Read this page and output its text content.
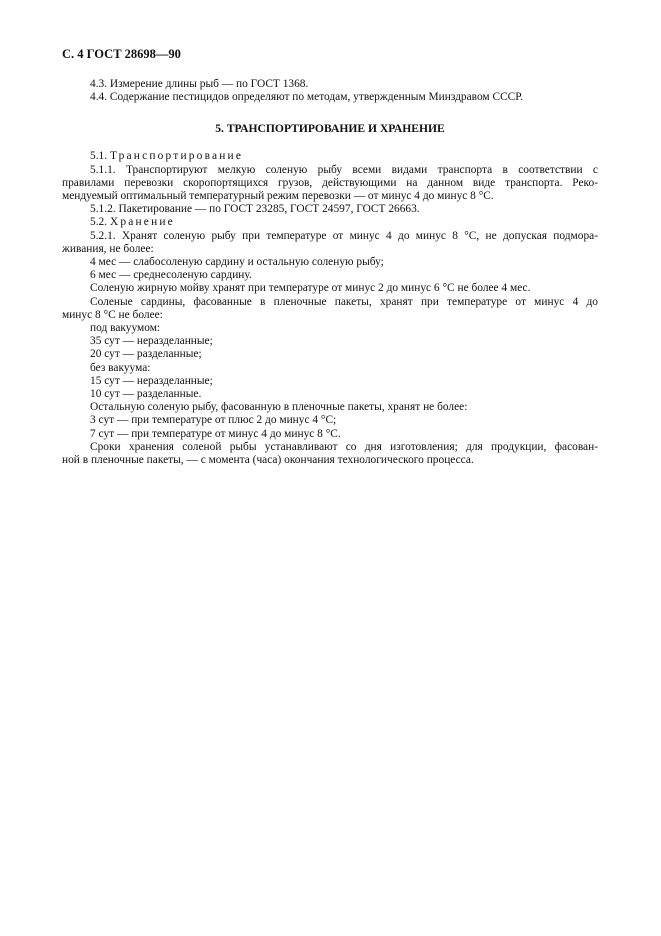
С. 4 ГОСТ 28698—90

4.3. Измерение длины рыб — по ГОСТ 1368.

4.4. Содержание пестицидов определяют по методам, утвержденным Минздравом СССР.

5. ТРАНСПОРТИРОВАНИЕ И ХРАНЕНИЕ

5.1. Транспортирование

5.1.1. Транспортируют мелкую соленую рыбу всеми видами транспорта в соответствии с

правилами перевозки скоропортящихся грузов, действующими на данном виде транспорта. Реко-

мендуемый оптимальный температурный режим перевозки — от минус 4 до минус 8 °С.

5.1.2. Пакетирование — по ГОСТ 23285, ГОСТ 24597, ГОСТ 26663.

5.2. Хранение

5.2.1. Хранят соленую рыбу при температуре от минус 4 до минус 8 °С, не допуская подмора-

живания, не более:

4 мес — слабосоленую сардину и остальную соленую рыбу;

6 мес — среднесоленую сардину.

Соленую жирную мойву хранят при температуре от минус 2 до минус 6 °С не более 4 мес.

Соленые сардины, фасованные в пленочные пакеты, хранят при температуре от минус 4 до

минус 8 °С не более:

под вакуумом:

35 сут — неразделанные;

20 сут — разделанные;

без вакуума:

15 сут — неразделанные;

10 сут — разделанные.

Остальную соленую рыбу, фасованную в пленочные пакеты, хранят не более:

3 сут — при температуре от плюс 2 до минус 4 °С;

7 сут — при температуре от минус 4 до минус 8 °С.

Сроки хранения соленой рыбы устанавливают со дня изготовления; для продукции, фасован-

ной в пленочные пакеты, — с момента (часа) окончания технологического процесса.
